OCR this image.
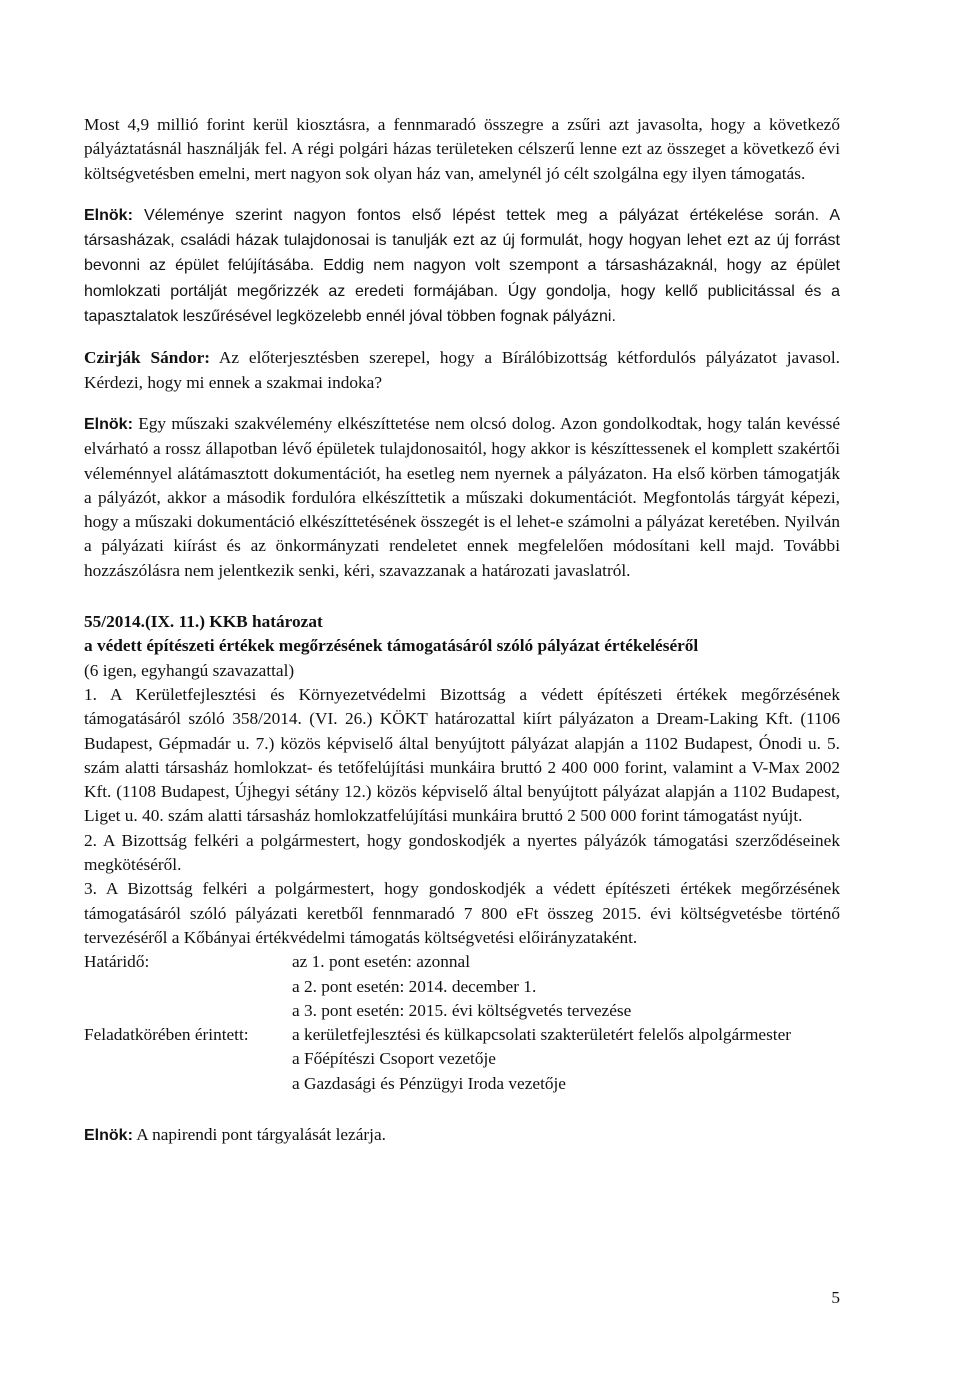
Most 4,9 millió forint kerül kiosztásra, a fennmaradó összegre a zsűri azt javasolta, hogy a következő pályáztatásnál használják fel. A régi polgári házas területeken célszerű lenne ezt az összeget a következő évi költségvetésben emelni, mert nagyon sok olyan ház van, amelynél jó célt szolgálna egy ilyen támogatás.

Elnök: Véleménye szerint nagyon fontos első lépést tettek meg a pályázat értékelése során. A társasházak, családi házak tulajdonosai is tanulják ezt az új formulát, hogy hogyan lehet ezt az új forrást bevonni az épület felújításába. Eddig nem nagyon volt szempont a társasházaknál, hogy az épület homlokzati portálját megőrizzék az eredeti formájában. Úgy gondolja, hogy kellő publicitással és a tapasztalatok leszűrésével legközelebb ennél jóval többen fognak pályázni.

Czirják Sándor: Az előterjesztésben szerepel, hogy a Bírálóbizottság kétfordulós pályázatot javasol. Kérdezi, hogy mi ennek a szakmai indoka?

Elnök: Egy műszaki szakvélemény elkészíttetése nem olcsó dolog. Azon gondolkodtak, hogy talán kevéssé elvárható a rossz állapotban lévő épületek tulajdonosaitól, hogy akkor is készíttessenek el komplett szakértői véleménnyel alátámasztott dokumentációt, ha esetleg nem nyernek a pályázaton. Ha első körben támogatják a pályázót, akkor a második fordulóra elkészíttetik a műszaki dokumentációt. Megfontolás tárgyát képezi, hogy a műszaki dokumentáció elkészíttetésének összegét is el lehet-e számolni a pályázat keretében. Nyilván a pályázati kiírást és az önkormányzati rendeletet ennek megfelelően módosítani kell majd. További hozzászólásra nem jelentkezik senki, kéri, szavazzanak a határozati javaslatról.

55/2014.(IX. 11.) KKB határozat

a védett építészeti értékek megőrzésének támogatásáról szóló pályázat értékeléséről

(6 igen, egyhangú szavazattal)

1. A Kerületfejlesztési és Környezetvédelmi Bizottság a védett építészeti értékek megőrzésének támogatásáról szóló 358/2014. (VI. 26.) KÖKT határozattal kiírt pályázaton a Dream-Laking Kft. (1106 Budapest, Gépmadár u. 7.) közös képviselő által benyújtott pályázat alapján a 1102 Budapest, Ónodi u. 5. szám alatti társasház homlokzat- és tetőfelújítási munkáira bruttó 2 400 000 forint, valamint a V-Max 2002 Kft. (1108 Budapest, Újhegyi sétány 12.) közös képviselő által benyújtott pályázat alapján a 1102 Budapest, Liget u. 40. szám alatti társasház homlokzatfelújítási munkáira bruttó 2 500 000 forint támogatást nyújt.

2. A Bizottság felkéri a polgármestert, hogy gondoskodjék a nyertes pályázók támogatási szerződéseinek megkötéséről.

3. A Bizottság felkéri a polgármestert, hogy gondoskodjék a védett építészeti értékek megőrzésének támogatásáról szóló pályázati keretből fennmaradó 7 800 eFt összeg 2015. évi költségvetésbe történő tervezéséről a Kőbányai értékvédelmi támogatás költségvetési előirányzataként.

Határidő:	az 1. pont esetén: azonnal
a 2. pont esetén: 2014. december 1.
a 3. pont esetén: 2015. évi költségvetés tervezése
Feladatkörében érintett:	a kerületfejlesztési és külkapcsolati szakterületért felelős alpolgármester
a Főépítészi Csoport vezetője
a Gazdasági és Pénzügyi Iroda vezetője

Elnök: A napirendi pont tárgyalását lezárja.

5
